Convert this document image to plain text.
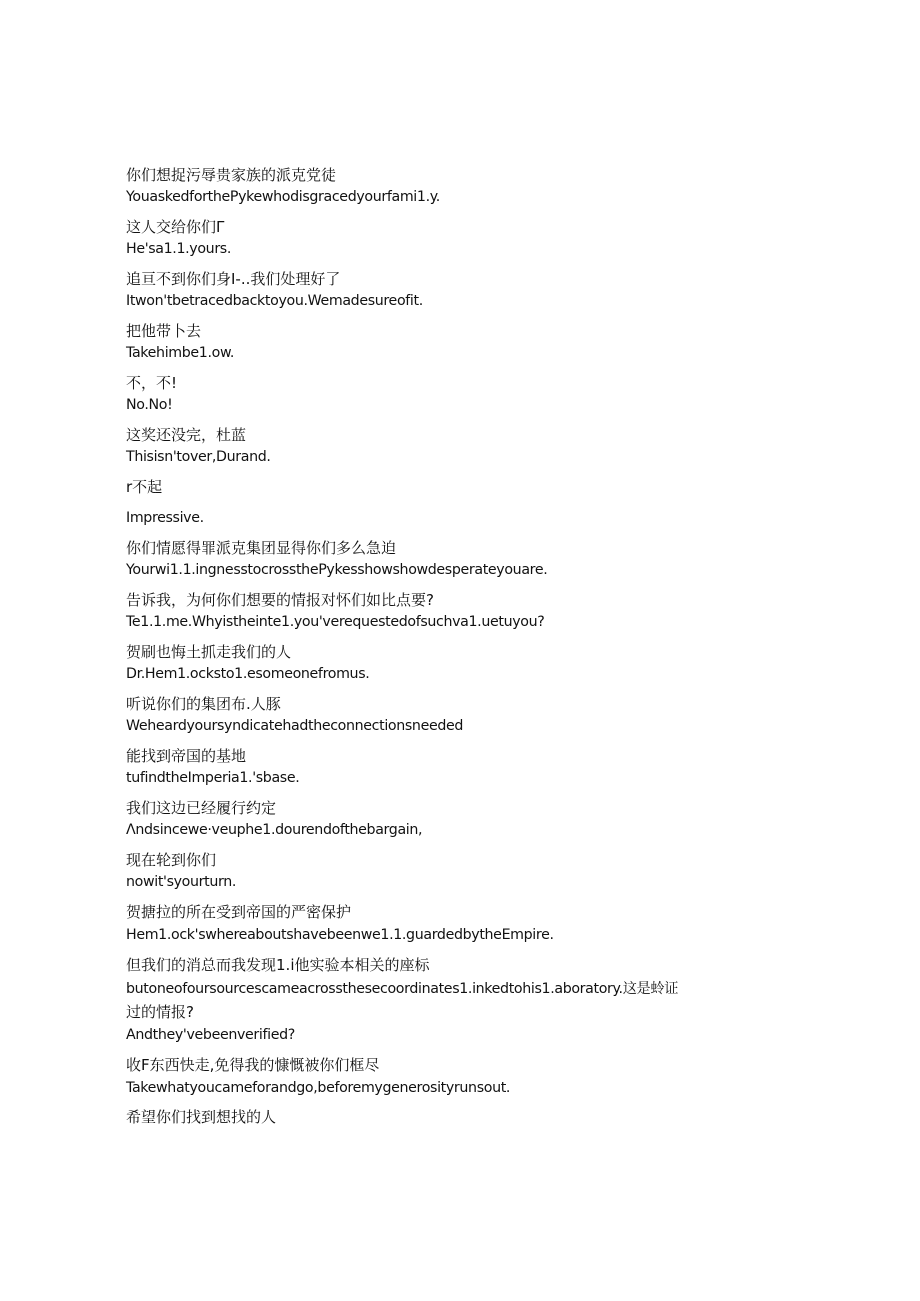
你们想捉污辱贵家族的派克党徒
YouaskedforthePykewhodisgracedyourfami1.y.
这人交给你们Γ
He'sa1.1.yours.
追亘不到你们身I-..我们处理好了
Itwon'tbetracedbacktoyou.Wemadesureofit.
把他带卜去
Takehimbe1.ow.
不，不!
No.No!
这奖还没完，杜蓝
Thisisn'tover,Durand.
r不起
Impressive.
你们情愿得罪派克集团显得你们多么急迫
Yourwi1.1.ingnesstocrossthePykesshowshowdesperateyouare.
告诉我，为何你们想要的情报对怀们如比点要?
Te1.1.me.Whyistheinte1.you'verequestedofsuchva1.uetuyou?
贺刷也悔土抓走我们的人
Dr.Hem1.ocksto1.esomeonefromus.
听说你们的集团布.人豚
Weheardyoursyndicatehadtheconnectionsneeded
能找到帝国的基地
tufindtheImperia1.'sbase.
我们这边已经履行约定
Λndsincewe·veuphe1.dourendofthebargain,
现在轮到你们
nowit'syourturn.
贺搪拉的所在受到帝国的严密保护
Hem1.ock'swhereaboutshavebeenwe1.1.guardedbytheEmpire.
但我们的消总而我发现1.i他实验本相关的座标
butoneofoursourcescameacrossthesecoordinates1.inkedtohis1.aboratory.这是蛉证
过的情报?
Andthey'vebeenverified?
收F东西快走,免得我的慷慨被你们框尽
Takewhatyoucameforandgo,beforemygenerosityrunsout.
希望你们找到想找的人
